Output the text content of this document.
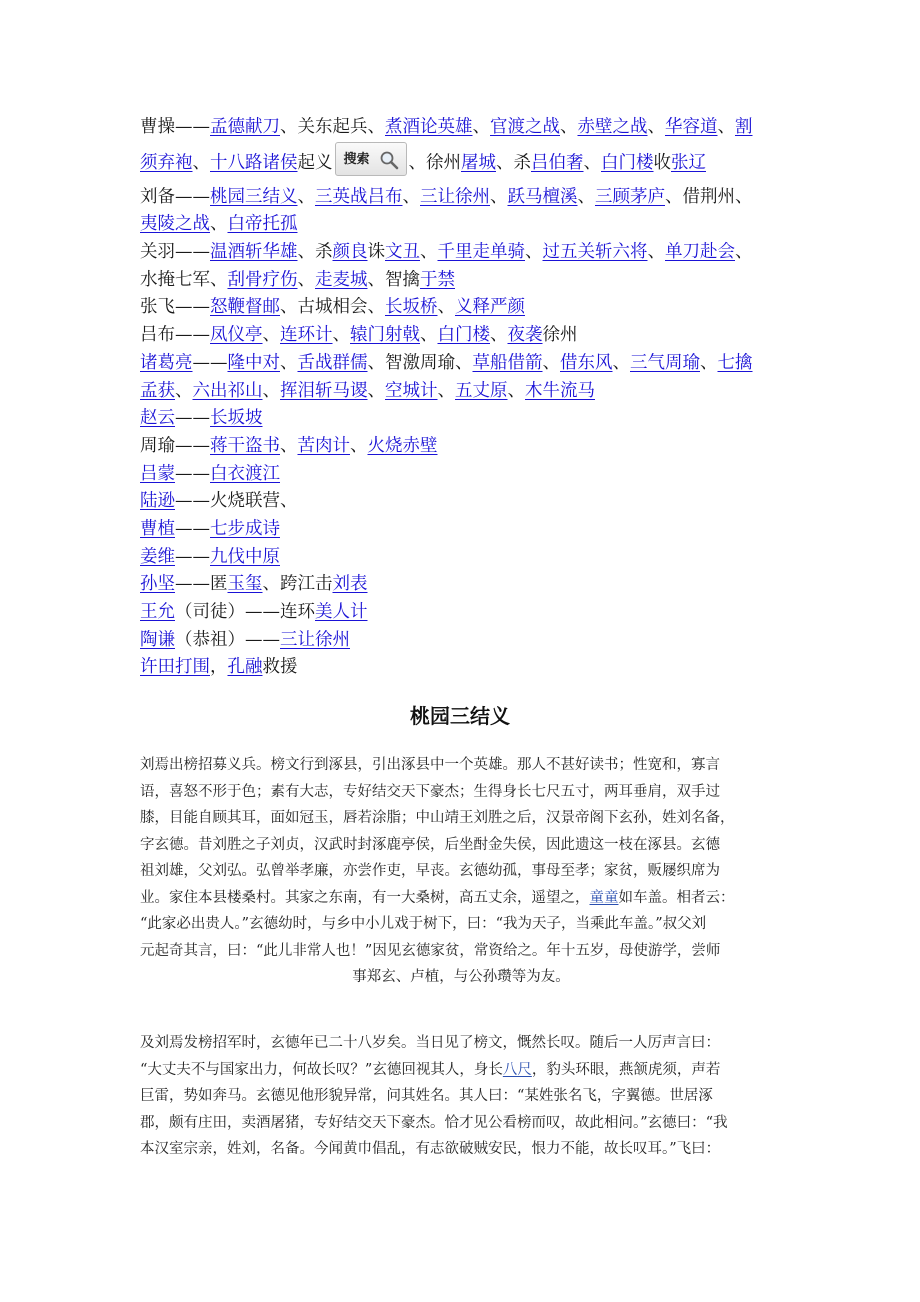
曹操——孟德献刀、关东起兵、煮酒论英雄、官渡之战、赤壁之战、华容道、割
须弃袍、十八路诸侯起义 搜索 、徐州屠城、杀吕伯奢、白门楼收张辽
刘备——桃园三结义、三英战吕布、三让徐州、跃马檀溪、三顾茅庐、借荆州、
夷陵之战、白帝托孤
关羽——温酒斩华雄、杀颜良诛文丑、千里走单骑、过五关斩六将、单刀赴会、
水掩七军、刮骨疗伤、走麦城、智擒于禁
张飞——怒鞭督邮、古城相会、长坂桥、义释严颜
吕布——凤仪亭、连环计、辕门射戟、白门楼、夜袭徐州
诸葛亮——隆中对、舌战群儒、智激周瑜、草船借箭、借东风、三气周瑜、七擒
孟获、六出祁山、挥泪斩马谡、空城计、五丈原、木牛流马
赵云——长坂坡
周瑜——蒋干盗书、苦肉计、火烧赤壁
吕蒙——白衣渡江
陆逊——火烧联营、
曹植——七步成诗
姜维——九伐中原
孙坚——匿玉玺、跨江击刘表
王允（司徒）——连环美人计
陶谦（恭祖）——三让徐州
许田打围，孔融救援
桃园三结义
刘焉出榜招募义兵。榜文行到涿县，引出涿县中一个英雄。那人不甚好读书；性宽和，寡言
语，喜怒不形于色；素有大志，专好结交天下豪杰；生得身长七尺五寸，两耳垂肩，双手过
膝，目能自顾其耳，面如冠玉，唇若涂脂；中山靖王刘胜之后，汉景帝阁下玄孙，姓刘名备，
字玄德。昔刘胜之子刘贞，汉武时封涿鹿亭侯，后坐酎金失侯，因此遗这一枝在涿县。玄德
祖刘雄，父刘弘。弘曾举孝廉，亦尝作吏，早丧。玄德幼孤，事母至孝；家贫，贩屦织席为
业。家住本县楼桑村。其家之东南，有一大桑树，高五丈余，遥望之，童童如车盖。相者云：
“此家必出贵人。”玄德幼时，与乡中小儿戏于树下，曰：“我为天子，当乘此车盖。”叔父刘
元起奇其言，曰：“此儿非常人也！”因见玄德家贫，常资给之。年十五岁，母使游学，尝师
事郑玄、卢植，与公孙瓒等为友。
及刘焉发榜招军时，玄德年已二十八岁矣。当日见了榜文，慨然长叹。随后一人厉声言曰：
“大丈夫不与国家出力，何故长叹？”玄德回视其人，身长八尺，豹头环眼，燕颔虎须，声若
巨雷，势如奔马。玄德见他形貌异常，问其姓名。其人曰：“某姓张名飞，字翼德。世居涿
郡，颇有庄田，卖酒屠猪，专好结交天下豪杰。恰才见公看榜而叹，故此相问。”玄德曰：“我
本汉室宗亲，姓刘，名备。今闻黄巾倡乱，有志欲破贼安民，恨力不能，故长叹耳。”飞曰：
